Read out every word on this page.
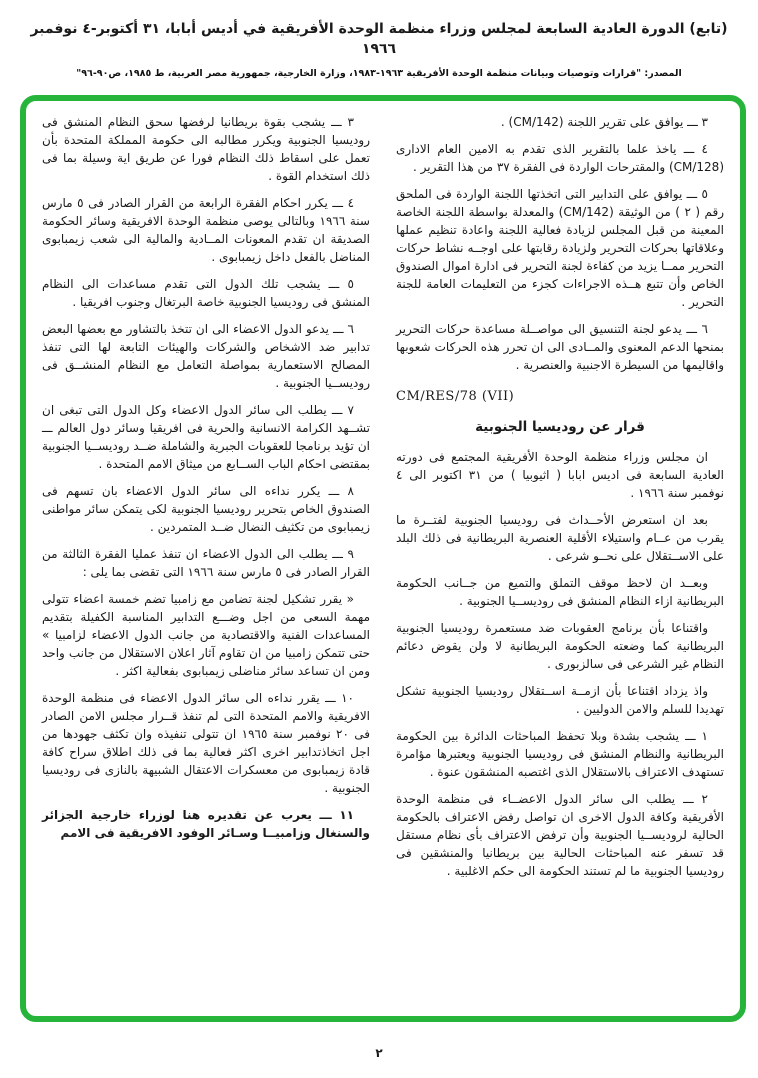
(تابع) الدورة العادية السابعة لمجلس وزراء منظمة الوحدة الأفريقية في أديس أبابا، ٣١ أكتوبر-٤ نوفمبر ١٩٦٦
المصدر: "قرارات وتوصيات وبيانات منظمة الوحدة الأفريقية ١٩٦٣-١٩٨٣، وزارة الخارجية، جمهورية مصر العربية، ط ١٩٨٥، ص٩٠-٩٦"

٣ ـــ يوافق على تقرير اللجنة (CM/142) .

٤ ـــ ياخذ علما بالتقرير الذى تقدم به الامين العام الادارى (CM/128) والمقترحات الواردة فى الفقرة ٣٧ من هذا التقرير .

٥ ـــ يوافق على التدابير التى اتخذتها اللجنة الواردة فى الملحق رقم ( ٢ ) من الوثيقة (CM/142) والمعدلة بواسطة اللجنة الخاصة المعينة من قبل المجلس لزيادة فعالية اللجنة واعادة تنظيم عملها وعلاقاتها بحركات التحرير ولزيادة رقابتها على اوجــه نشاط حركات التحرير ممــا يزيد من كفاءة لجنة التحرير فى ادارة اموال الصندوق الخاص وأن تتبع هــذه الاجراءات كجزء من التعليمات العامة للجنة التحرير .

٦ ـــ يدعو لجنة التنسيق الى مواصــلة مساعدة حركات التحرير بمنحها الدعم المعنوى والمــادى الى ان تحرر هذه الحركات شعوبها واقاليمها من السيطرة الاجنبية والعنصرية .

CM/RES/78 (VII)
قرار عن روديسيا الجنوبية

ان مجلس وزراء منظمة الوحدة الأفريقية المجتمع فى دورته العادية السابعة فى اديس ابابا ( اثيوبيا ) من ٣١ اكتوبر الى ٤ نوفمبر سنة ١٩٦٦ .

بعد ان استعرض الأحــداث فى روديسيا الجنوبية لفتــرة ما يقرب من عــام واستيلاء الأقلية العنصرية البريطانية فى ذلك البلد على الاســتقلال على نحــو شرعى .

وبعــد ان لاحظ موقف التملق والتميع من جــانب الحكومة البريطانية ازاء النظام المنشق فى روديســيا الجنوبية .

واقتناعا بأن برنامج العقوبات ضد مستعمرة روديسيا الجنوبية البريطانية كما وضعته الحكومة البريطانية لا ولن يقوض دعائم النظام غير الشرعى فى سالزبورى .

واذ يزداد اقتناعا بأن ازمــة اســتقلال روديسيا الجنوبية تشكل تهديدا للسلم والامن الدوليين .

١ ـــ يشجب بشدة وبلا تحفظ المباحثات الدائرة بين الحكومة البريطانية والنظام المنشق فى روديسيا الجنوبية ويعتبرها مؤامرة تستهدف الاعتراف بالاستقلال الذى اغتصبه المنشقون عنوة .

٢ ـــ يطلب الى سائر الدول الاعضــاء فى منظمة الوحدة الأفريقية وكافة الدول الاخرى ان تواصل رفض الاعتراف بالحكومة الحالية لروديســيا الجنوبية وأن ترفض الاعتراف بأى نظام مستقل قد تسفر عنه المباحثات الحالية بين بريطانيا والمنشقين فى روديسيا الجنوبية ما لم تستند الحكومة الى حكم الاغلبية .

٣ ـــ يشجب بقوة بريطانيا لرفضها سحق النظام المنشق فى روديسيا الجنوبية ويكرر مطالبه الى حكومة المملكة المتحدة بأن تعمل على اسقاط ذلك النظام فورا عن طريق اية وسيلة بما فى ذلك استخدام القوة .

٤ ـــ يكرر احكام الفقرة الرابعة من القرار الصادر فى ٥ مارس سنة ١٩٦٦ وبالتالى يوصى منظمة الوحدة الافريقية وسائر الحكومة الصديقة ان تقدم المعونات المــادية والمالية الى شعب زيمبابوى المناضل بالفعل داخل زيمبابوى .

٥ ـــ يشجب تلك الدول التى تقدم مساعدات الى النظام المنشق فى روديسيا الجنوبية خاصة البرتغال وجنوب افريقيا .

٦ ـــ يدعو الدول الاعضاء الى ان تتخذ بالتشاور مع بعضها البعض تدابير ضد الاشخاص والشركات والهيئات التابعة لها التى تنفذ المصالح الاستعمارية بمواصلة التعامل مع النظام المنشــق فى روديســيا الجنوبية .

٧ ـــ يطلب الى سائر الدول الاعضاء وكل الدول التى تبغى ان تشــهد الكرامة الانسانية والحرية فى افريقيا وسائر دول العالم ـــ ان تؤيد برنامجا للعقوبات الجبرية والشاملة ضــد روديســيا الجنوبية بمقتضى احكام الباب الســابع من ميثاق الامم المتحدة .

٨ ـــ يكرر نداءه الى سائر الدول الاعضاء بان تسهم فى الصندوق الخاص بتحرير روديسيا الجنوبية لكى يتمكن سائر مواطنى زيمبابوى من تكثيف النضال ضــد المتمردين .

٩ ـــ يطلب الى الدول الاعضاء ان تنفذ عمليا الفقرة الثالثة من القرار الصادر فى ٥ مارس سنة ١٩٦٦ التى تقضى بما يلى :

« يقرر تشكيل لجنة تضامن مع زامبيا تضم خمسة اعضاء تتولى مهمة السعى من اجل وضـــع التدابير المناسبة الكفيلة بتقديم المساعدات الفنية والاقتصادية من جانب الدول الاعضاء لزامبيا » حتى تتمكن زامبيا من ان تقاوم آثار اعلان الاستقلال من جانب واحد ومن ان تساعد سائر مناضلى زيمبابوى بفعالية اكثر .

١٠ ـــ يقرر نداءه الى سائر الدول الاعضاء فى منظمة الوحدة الافريقية والامم المتحدة التى لم تنفذ قــرار مجلس الامن الصادر فى ٢٠ نوفمبر سنة ١٩٦٥ ان تتولى تنفيذه وان تكثف جهودها من اجل اتخاذتدابير اخرى اكثر فعالية بما فى ذلك اطلاق سراح كافة قادة زيمبابوى من معسكرات الاعتقال الشبيهة بالنازى فى روديسيا الجنوبية .

١١ ـــ يعرب عن تقديره هنا لوزراء خارجية الجزائر والسنغال وزامبيــا وسـائر الوفود الافريقية فى الامم

٢
